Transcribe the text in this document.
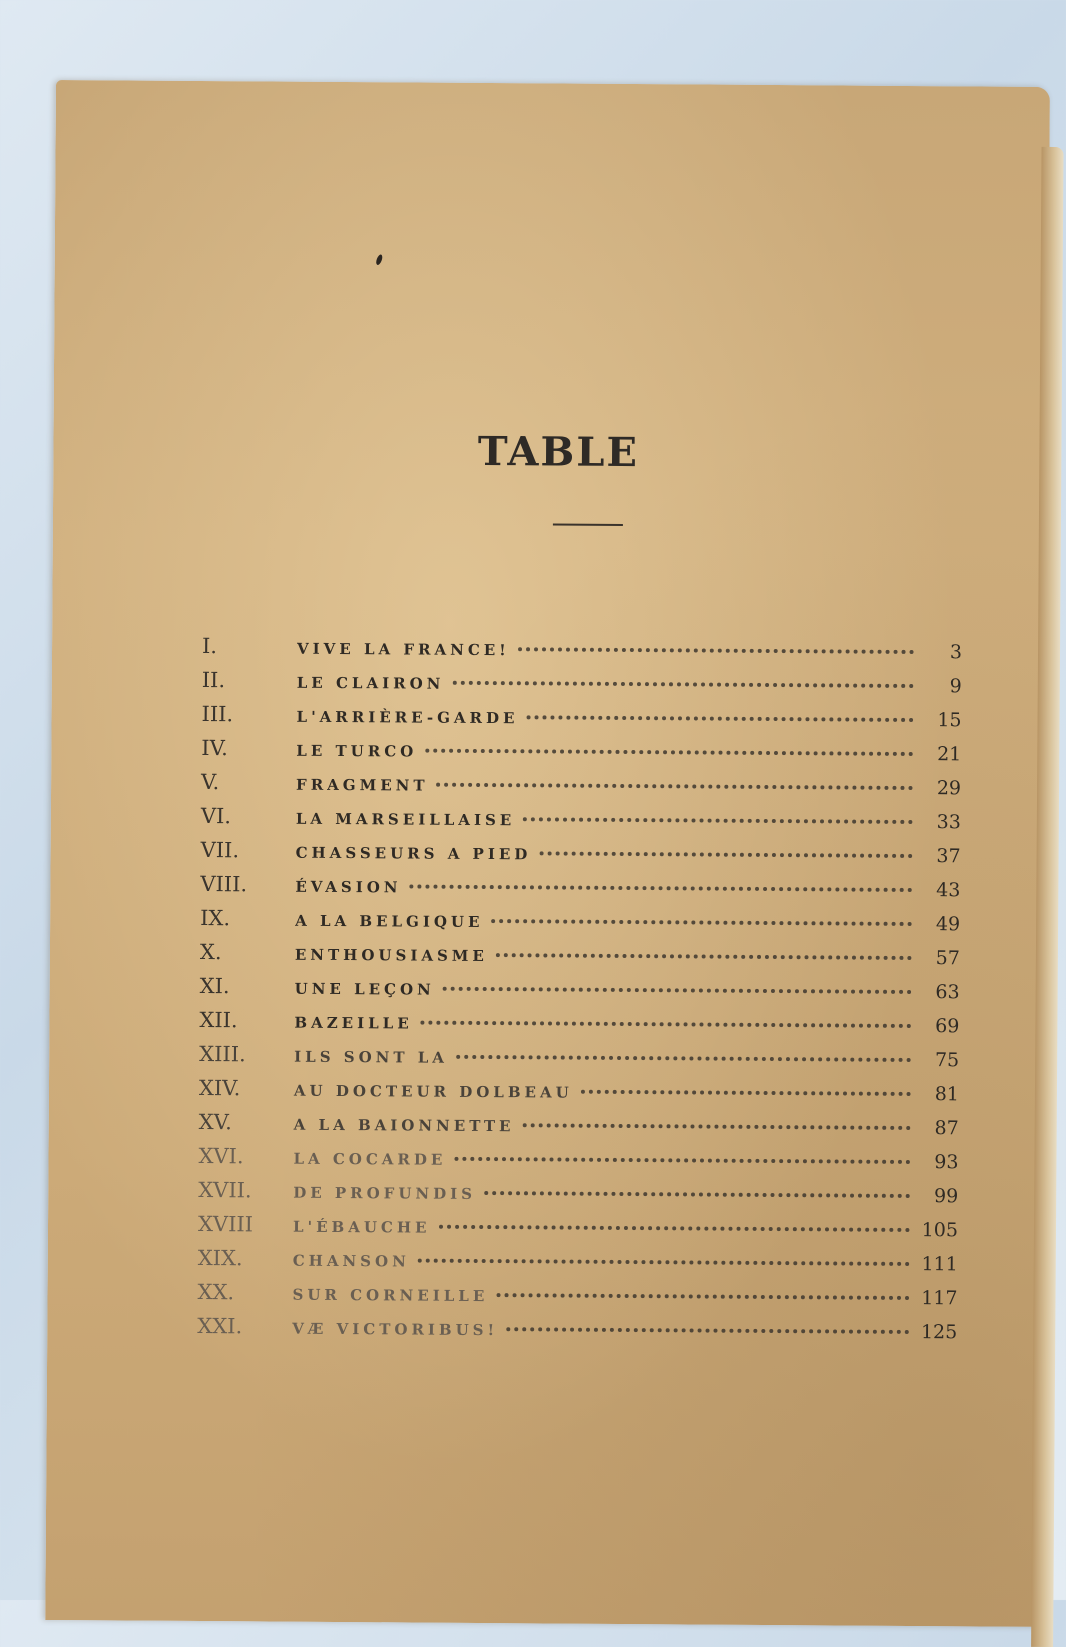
TABLE
I.	VIVE LA FRANCE!	3
II.	LE CLAIRON	9
III.	L'ARRIÈRE-GARDE	15
IV.	LE TURCO	21
V.	FRAGMENT	29
VI.	LA MARSEILLAISE	33
VII.	CHASSEURS A PIED	37
VIII.	ÉVASION	43
IX.	A LA BELGIQUE	49
X.	ENTHOUSIASME	57
XI.	UNE LEÇON	63
XII.	BAZEILLE	69
XIII.	ILS SONT LA	75
XIV.	AU DOCTEUR DOLBEAU	81
XV.	A LA BAIONNETTE	87
XVI.	LA COCARDE	93
XVII.	DE PROFUNDIS	99
XVIII	L'ÉBAUCHE	105
XIX.	CHANSON	111
XX.	SUR CORNEILLE	117
XXI.	VÆ VICTORIBUS!	125
